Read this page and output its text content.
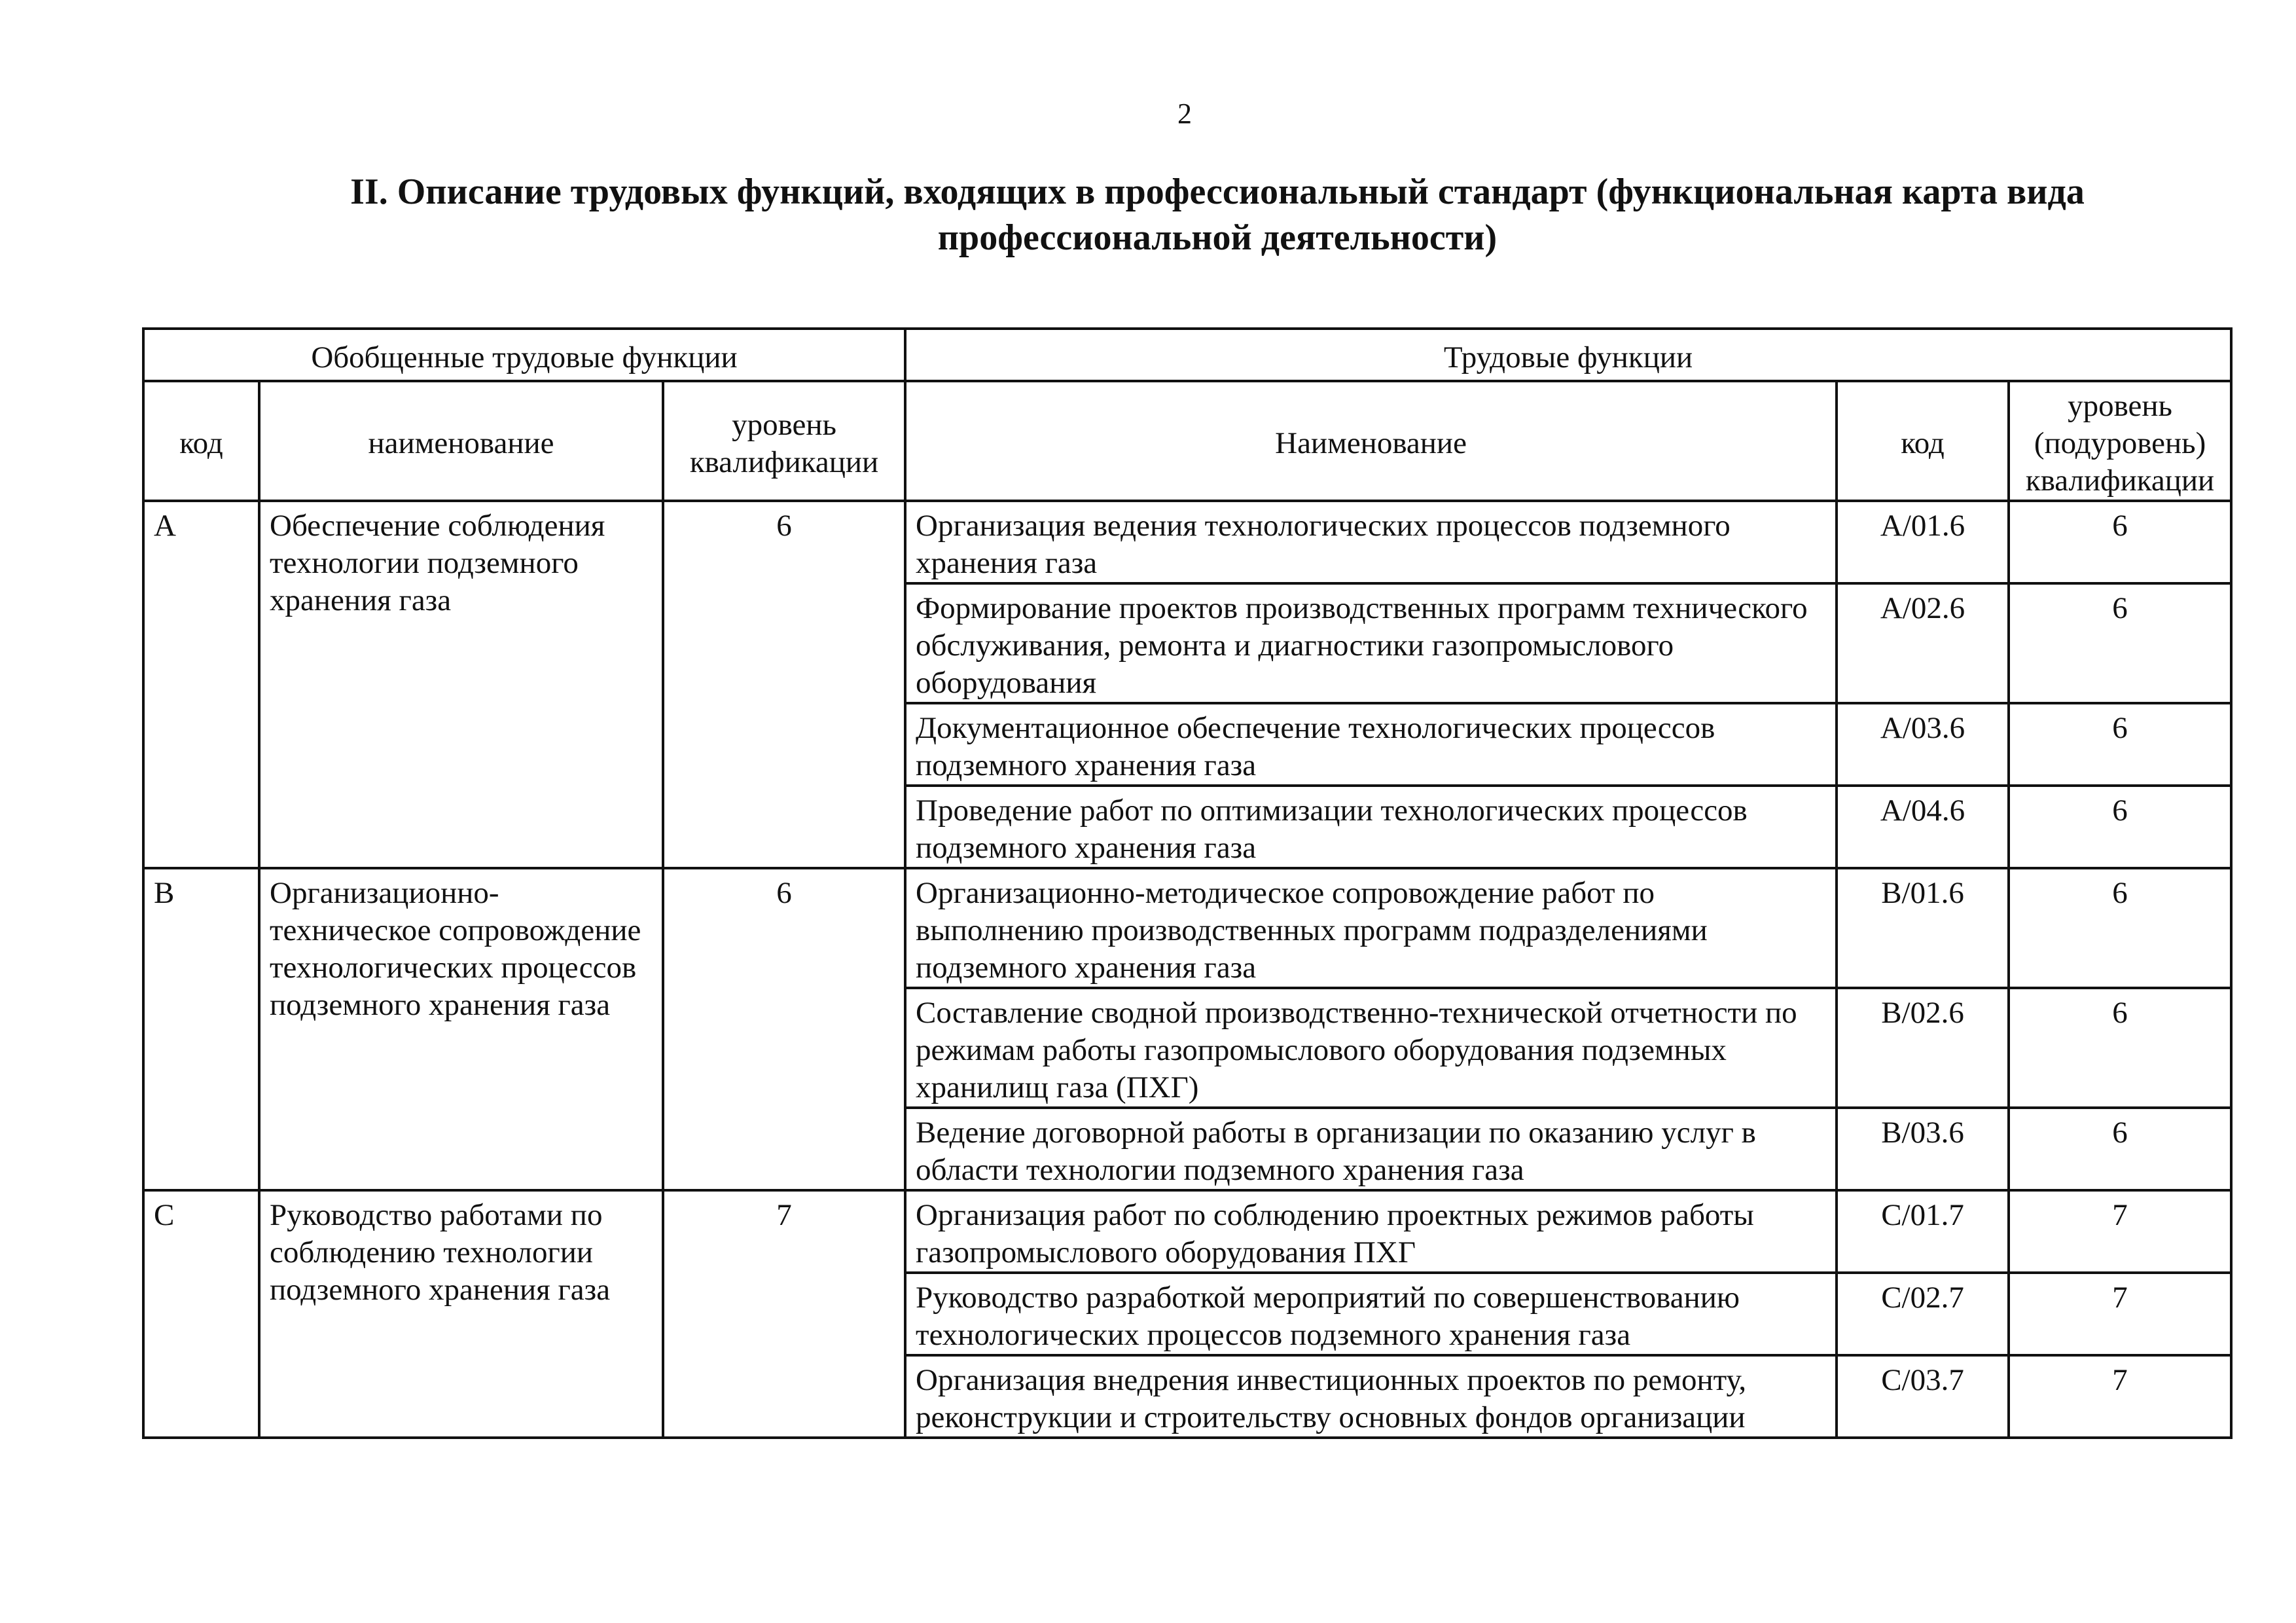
2
II. Описание трудовых функций, входящих в профессиональный стандарт (функциональная карта вида
профессиональной деятельности)
Обобщенные трудовые функции			Трудовые функции		
код	наименование	уровень квалификации	Наименование	код	уровень (подуровень) квалификации
A	Обеспечение соблюдения технологии подземного хранения газа	6	Организация ведения технологических процессов подземного хранения газа	A/01.6	6
			Формирование проектов производственных программ технического обслуживания, ремонта и диагностики газопромыслового оборудования	A/02.6	6
			Документационное обеспечение технологических процессов подземного хранения газа	A/03.6	6
			Проведение работ по оптимизации технологических процессов подземного хранения газа	A/04.6	6
B	Организационно-техническое сопровождение технологических процессов подземного хранения газа	6	Организационно-методическое сопровождение работ по выполнению производственных программ подразделениями подземного хранения газа	B/01.6	6
			Составление сводной производственно-технической отчетности по режимам работы газопромыслового оборудования подземных хранилищ газа (ПХГ)	B/02.6	6
			Ведение договорной работы в организации по оказанию услуг в области технологии подземного хранения газа	B/03.6	6
C	Руководство работами по соблюдению технологии подземного хранения газа	7	Организация работ по соблюдению проектных режимов работы газопромыслового оборудования ПХГ	C/01.7	7
			Руководство разработкой мероприятий по совершенствованию технологических процессов подземного хранения газа	C/02.7	7
			Организация внедрения инвестиционных проектов по ремонту, реконструкции и строительству основных фондов организации	C/03.7	7
